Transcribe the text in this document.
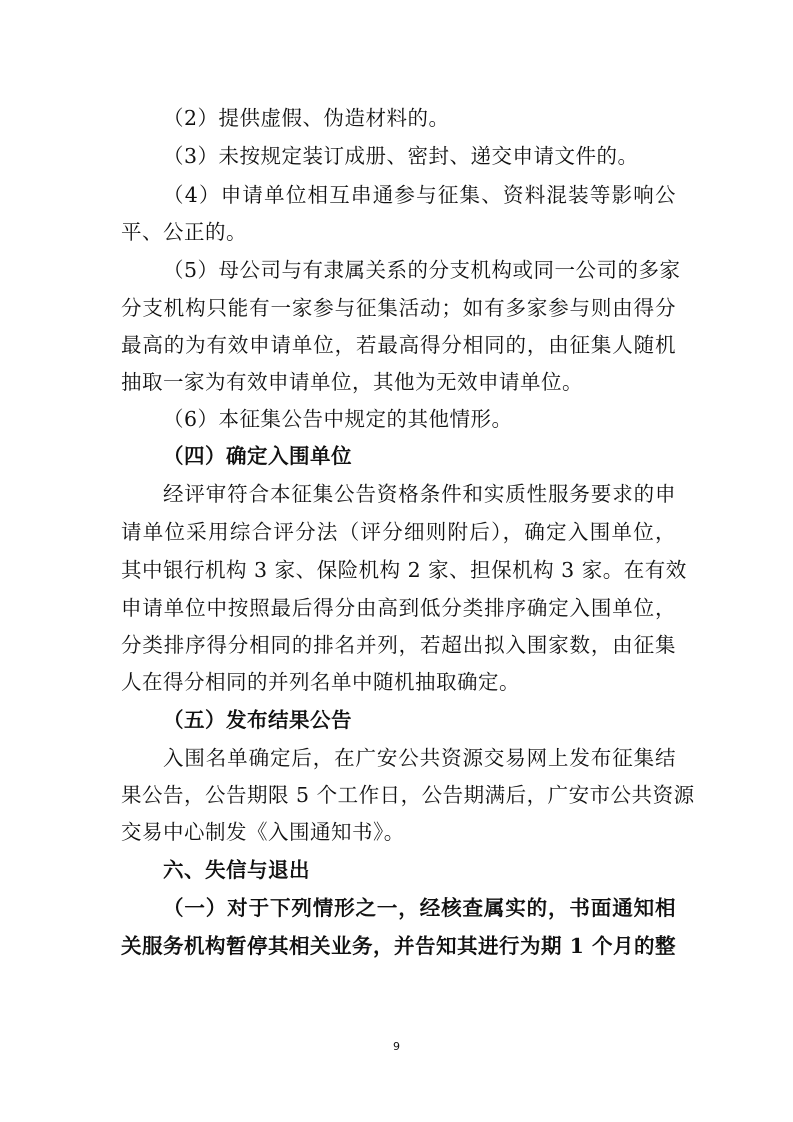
（2）提供虚假、伪造材料的。
（3）未按规定装订成册、密封、递交申请文件的。
（4）申请单位相互串通参与征集、资料混装等影响公
平、公正的。
（5）母公司与有隶属关系的分支机构或同一公司的多家
分支机构只能有一家参与征集活动；如有多家参与则由得分
最高的为有效申请单位，若最高得分相同的，由征集人随机
抽取一家为有效申请单位，其他为无效申请单位。
（6）本征集公告中规定的其他情形。
（四）确定入围单位
经评审符合本征集公告资格条件和实质性服务要求的申
请单位采用综合评分法（评分细则附后），确定入围单位，
其中银行机构 3 家、保险机构 2 家、担保机构 3 家。在有效
申请单位中按照最后得分由高到低分类排序确定入围单位，
分类排序得分相同的排名并列，若超出拟入围家数，由征集
人在得分相同的并列名单中随机抽取确定。
（五）发布结果公告
入围名单确定后，在广安公共资源交易网上发布征集结
果公告，公告期限 5 个工作日，公告期满后，广安市公共资源
交易中心制发《入围通知书》。
六、失信与退出
（一）对于下列情形之一，经核查属实的，书面通知相
关服务机构暂停其相关业务，并告知其进行为期 1 个月的整
9
